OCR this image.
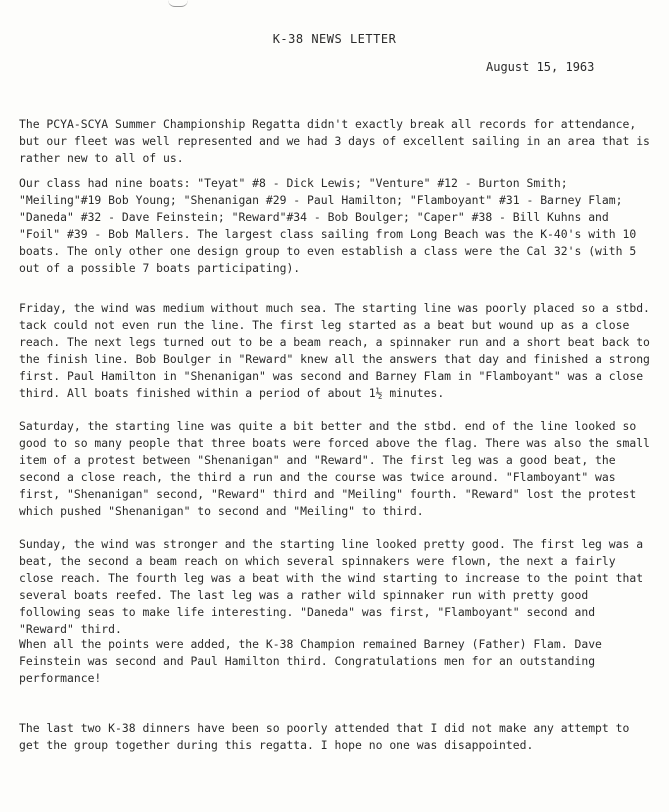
K-38 NEWS LETTER
August 15, 1963

The PCYA-SCYA Summer Championship Regatta didn't exactly break all records for attendance, but our fleet was well represented and we had 3 days of excellent sailing in an area that is rather new to all of us.

Our class had nine boats: "Teyat" #8 - Dick Lewis; "Venture" #12 - Burton Smith; "Meiling"#19 Bob Young; "Shenanigan #29 - Paul Hamilton; "Flamboyant" #31 - Barney Flam; "Daneda" #32 - Dave Feinstein; "Reward"#34 - Bob Boulger; "Caper" #38 - Bill Kuhns and "Foil" #39 - Bob Mallers. The largest class sailing from Long Beach was the K-40's with 10 boats. The only other one design group to even establish a class were the Cal 32's (with 5 out of a possible 7 boats participating).

Friday, the wind was medium without much sea. The starting line was poorly placed so a stbd. tack could not even run the line. The first leg started as a beat but wound up as a close reach. The next legs turned out to be a beam reach, a spinnaker run and a short beat back to the finish line. Bob Boulger in "Reward" knew all the answers that day and finished a strong first. Paul Hamilton in "Shenanigan" was second and Barney Flam in "Flamboyant" was a close third. All boats finished within a period of about 1½ minutes.

Saturday, the starting line was quite a bit better and the stbd. end of the line looked so good to so many people that three boats were forced above the flag. There was also the small item of a protest between "Shenanigan" and "Reward". The first leg was a good beat, the second a close reach, the third a run and the course was twice around. "Flamboyant" was first, "Shenanigan" second, "Reward" third and "Meiling" fourth. "Reward" lost the protest which pushed "Shenanigan" to second and "Meiling" to third.

Sunday, the wind was stronger and the starting line looked pretty good. The first leg was a beat, the second a beam reach on which several spinnakers were flown, the next a fairly close reach. The fourth leg was a beat with the wind starting to increase to the point that several boats reefed. The last leg was a rather wild spinnaker run with pretty good following seas to make life interesting. "Daneda" was first, "Flamboyant" second and "Reward" third.

When all the points were added, the K-38 Champion remained Barney (Father) Flam. Dave Feinstein was second and Paul Hamilton third. Congratulations men for an outstanding performance!

The last two K-38 dinners have been so poorly attended that I did not make any attempt to get the group together during this regatta. I hope no one was disappointed.
